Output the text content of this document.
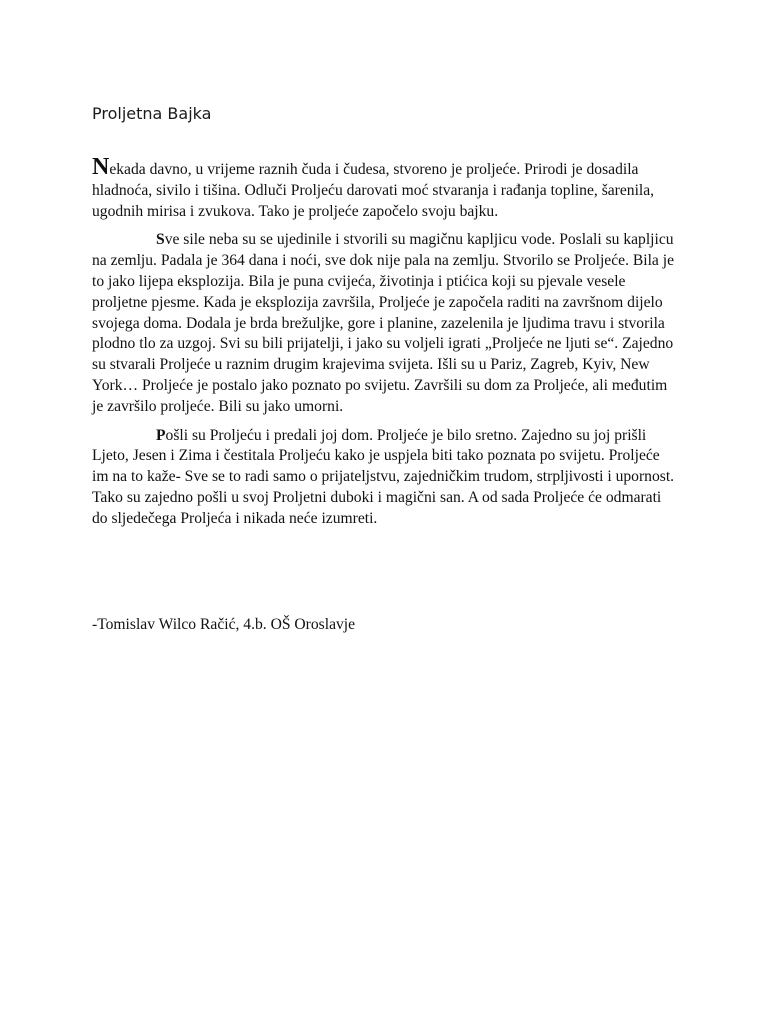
Proljetna Bajka

Nekada davno, u vrijeme raznih čuda i čudesa, stvoreno je proljeće. Prirodi je dosadila hladnoća, sivilo i tišina. Odluči Proljeću darovati moć stvaranja i rađanja topline, šarenila, ugodnih mirisa i zvukova. Tako je proljeće započelo svoju bajku.

Sve sile neba su se ujedinile i stvorili su magičnu kapljicu vode. Poslali su kapljicu na zemlju. Padala je 364 dana i noći, sve dok nije pala na zemlju. Stvorilo se Proljeće. Bila je to jako lijepa eksplozija. Bila je puna cvijeća, životinja i ptićica koji su pjevale vesele proljetne pjesme. Kada je eksplozija završila, Proljeće je započela raditi na završnom dijelo svojega doma. Dodala je brda brežuljke, gore i planine, zazelenila je ljudima travu i stvorila plodno tlo za uzgoj. Svi su bili prijatelji, i jako su voljeli igrati „Proljeće ne ljuti se“. Zajedno su stvarali Proljeće u raznim drugim krajevima svijeta. Išli su u Pariz, Zagreb, Kyiv, New York… Proljeće je postalo jako poznato po svijetu. Završili su dom za Proljeće, ali međutim je završilo proljeće. Bili su jako umorni.

Pošli su Proljeću i predali joj dom. Proljeće je bilo sretno. Zajedno su joj prišli Ljeto, Jesen i Zima i čestitala Proljeću kako je uspjela biti tako poznata po svijetu. Proljeće im na to kaže- Sve se to radi samo o prijateljstvu, zajedničkim trudom, strpljivosti i upornost. Tako su zajedno pošli u svoj Proljetni duboki i magični san. A od sada Proljeće će odmarati do sljedečega Proljeća i nikada neće izumreti.

-Tomislav Wilco Račić, 4.b. OŠ Oroslavje
